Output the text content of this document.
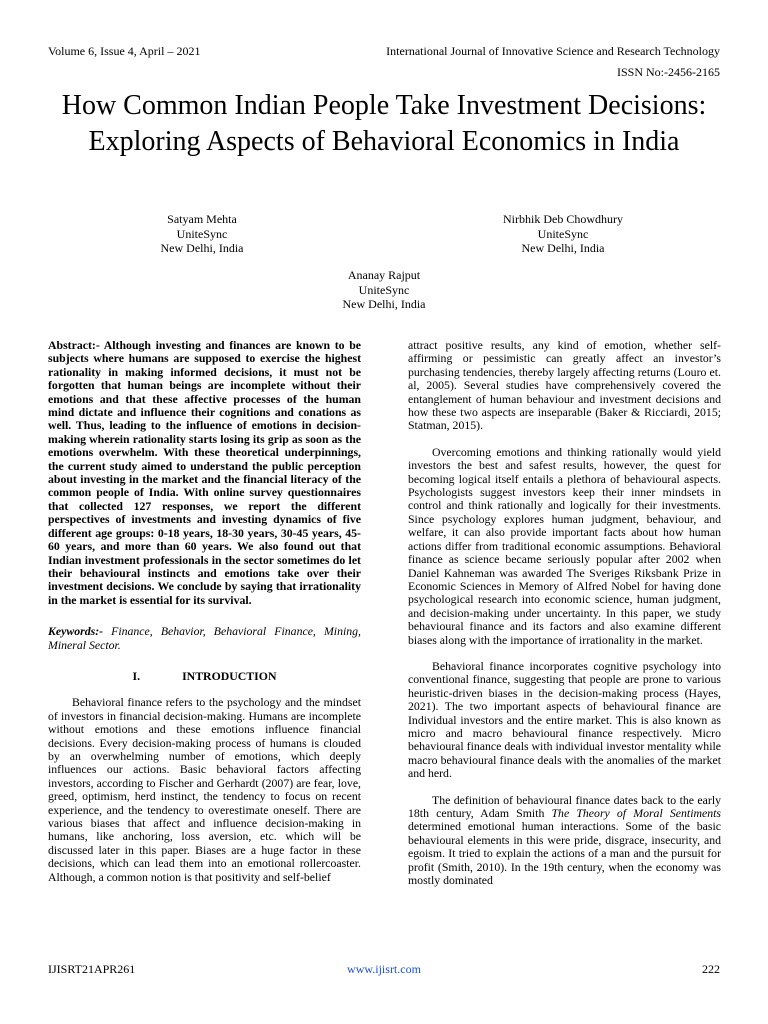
Volume 6, Issue 4, April – 2021	International Journal of Innovative Science and Research Technology
ISSN No:-2456-2165
How Common Indian People Take Investment Decisions: Exploring Aspects of Behavioral Economics in India
Satyam Mehta
UniteSync
New Delhi, India
Nirbhik Deb Chowdhury
UniteSync
New Delhi, India
Ananay Rajput
UniteSync
New Delhi, India

Abstract:- Although investing and finances are known to be subjects where humans are supposed to exercise the highest rationality in making informed decisions, it must not be forgotten that human beings are incomplete without their emotions and that these affective processes of the human mind dictate and influence their cognitions and conations as well. Thus, leading to the influence of emotions in decision-making wherein rationality starts losing its grip as soon as the emotions overwhelm. With these theoretical underpinnings, the current study aimed to understand the public perception about investing in the market and the financial literacy of the common people of India. With online survey questionnaires that collected 127 responses, we report the different perspectives of investments and investing dynamics of five different age groups: 0-18 years, 18-30 years, 30-45 years, 45-60 years, and more than 60 years. We also found out that Indian investment professionals in the sector sometimes do let their behavioural instincts and emotions take over their investment decisions. We conclude by saying that irrationality in the market is essential for its survival.

Keywords:- Finance, Behavior, Behavioral Finance, Mining, Mineral Sector.

I.	INTRODUCTION

Behavioral finance refers to the psychology and the mindset of investors in financial decision-making. Humans are incomplete without emotions and these emotions influence financial decisions. Every decision-making process of humans is clouded by an overwhelming number of emotions, which deeply influences our actions. Basic behavioral factors affecting investors, according to Fischer and Gerhardt (2007) are fear, love, greed, optimism, herd instinct, the tendency to focus on recent experience, and the tendency to overestimate oneself. There are various biases that affect and influence decision-making in humans, like anchoring, loss aversion, etc. which will be discussed later in this paper. Biases are a huge factor in these decisions, which can lead them into an emotional rollercoaster. Although, a common notion is that positivity and self-belief

attract positive results, any kind of emotion, whether self-affirming or pessimistic can greatly affect an investor’s purchasing tendencies, thereby largely affecting returns (Louro et. al, 2005). Several studies have comprehensively covered the entanglement of human behaviour and investment decisions and how these two aspects are inseparable (Baker & Ricciardi, 2015; Statman, 2015).

Overcoming emotions and thinking rationally would yield investors the best and safest results, however, the quest for becoming logical itself entails a plethora of behavioural aspects. Psychologists suggest investors keep their inner mindsets in control and think rationally and logically for their investments. Since psychology explores human judgment, behaviour, and welfare, it can also provide important facts about how human actions differ from traditional economic assumptions. Behavioral finance as science became seriously popular after 2002 when Daniel Kahneman was awarded The Sveriges Riksbank Prize in Economic Sciences in Memory of Alfred Nobel for having done psychological research into economic science, human judgment, and decision-making under uncertainty. In this paper, we study behavioural finance and its factors and also examine different biases along with the importance of irrationality in the market.

Behavioral finance incorporates cognitive psychology into conventional finance, suggesting that people are prone to various heuristic-driven biases in the decision-making process (Hayes, 2021). The two important aspects of behavioural finance are Individual investors and the entire market. This is also known as micro and macro behavioural finance respectively. Micro behavioural finance deals with individual investor mentality while macro behavioural finance deals with the anomalies of the market and herd.

The definition of behavioural finance dates back to the early 18th century, Adam Smith The Theory of Moral Sentiments determined emotional human interactions. Some of the basic behavioural elements in this were pride, disgrace, insecurity, and egoism. It tried to explain the actions of a man and the pursuit for profit (Smith, 2010). In the 19th century, when the economy was mostly dominated

IJISRT21APR261	www.ijisrt.com	222
